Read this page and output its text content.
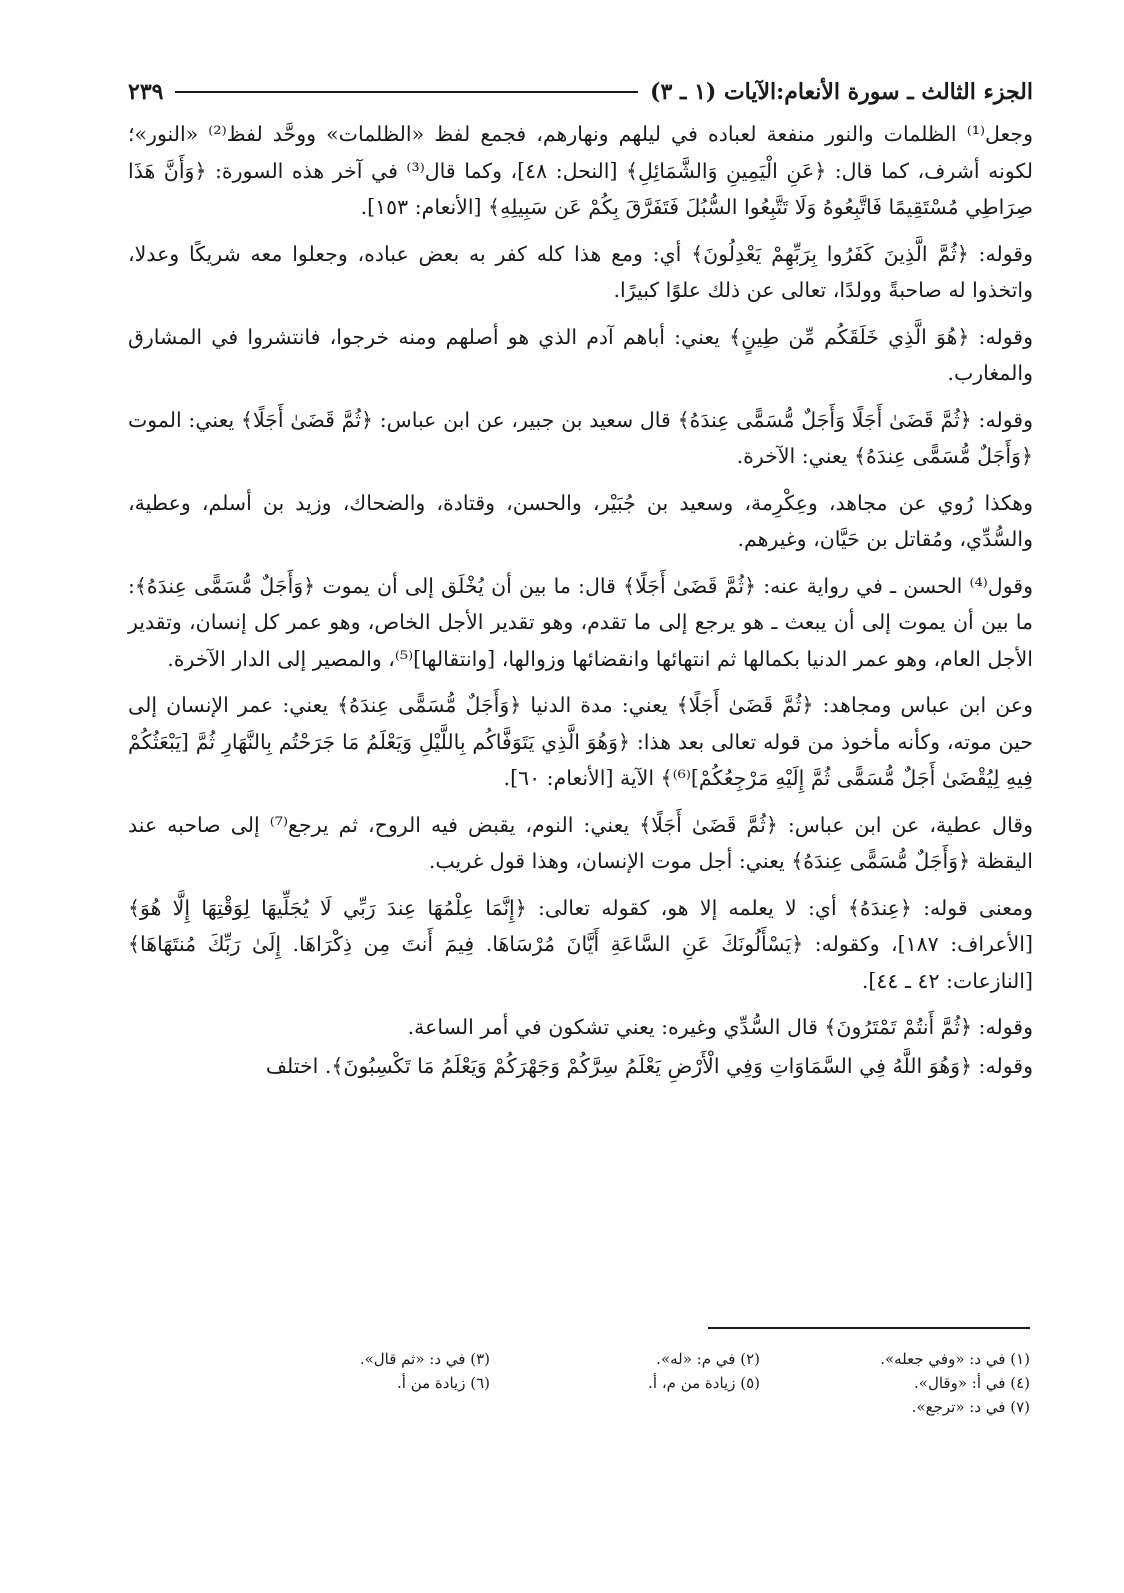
الجزء الثالث ـ سورة الأنعام:الآيات (١ ـ ٣)
٢٣٩

وجعل⁽¹⁾ الظلمات والنور منفعة لعباده في ليلهم ونهارهم، فجمع لفظ «الظلمات» ووحَّد لفظ⁽²⁾ «النور»؛ لكونه أشرف، كما قال: ﴿عَنِ الْيَمِينِ وَالشَّمَائِلِ﴾ [النحل: ٤٨]، وكما قال⁽³⁾ في آخر هذه السورة: ﴿وَأَنَّ هَذَا صِرَاطِي مُسْتَقِيمًا فَاتَّبِعُوهُ وَلَا تَتَّبِعُوا السُّبُلَ فَتَفَرَّقَ بِكُمْ عَن سَبِيلِهِ﴾ [الأنعام: ١٥٣].

وقوله: ﴿ثُمَّ الَّذِينَ كَفَرُوا بِرَبِّهِمْ يَعْدِلُونَ﴾ أي: ومع هذا كله كفر به بعض عباده، وجعلوا معه شريكًا وعدلا، واتخذوا له صاحبةً وولدًا، تعالى عن ذلك علوًا كبيرًا.

وقوله: ﴿هُوَ الَّذِي خَلَقَكُم مِّن طِينٍ﴾ يعني: أباهم آدم الذي هو أصلهم ومنه خرجوا، فانتشروا في المشارق والمغارب.

وقوله: ﴿ثُمَّ قَضَىٰ أَجَلًا وَأَجَلٌ مُّسَمًّى عِندَهُ﴾ قال سعيد بن جبير، عن ابن عباس: ﴿ثُمَّ قَضَىٰ أَجَلًا﴾ يعني: الموت ﴿وَأَجَلٌ مُّسَمًّى عِندَهُ﴾ يعني: الآخرة.

وهكذا رُوي عن مجاهد، وعِكْرِمة، وسعيد بن جُبَيْر، والحسن، وقتادة، والضحاك، وزيد بن أسلم، وعطية، والسُّدِّي، ومُقاتل بن حَيَّان، وغيرهم.

وقول⁽⁴⁾ الحسن ـ في رواية عنه: ﴿ثُمَّ قَضَىٰ أَجَلًا﴾ قال: ما بين أن يُخْلَق إلى أن يموت ﴿وَأَجَلٌ مُّسَمًّى عِندَهُ﴾: ما بين أن يموت إلى أن يبعث ـ هو يرجع إلى ما تقدم، وهو تقدير الأجل الخاص، وهو عمر كل إنسان، وتقدير الأجل العام، وهو عمر الدنيا بكمالها ثم انتهائها وانقضائها وزوالها، [وانتقالها]⁽⁵⁾، والمصير إلى الدار الآخرة.

وعن ابن عباس ومجاهد: ﴿ثُمَّ قَضَىٰ أَجَلًا﴾ يعني: مدة الدنيا ﴿وَأَجَلٌ مُّسَمًّى عِندَهُ﴾ يعني: عمر الإنسان إلى حين موته، وكأنه مأخوذ من قوله تعالى بعد هذا: ﴿وَهُوَ الَّذِي يَتَوَفَّاكُم بِاللَّيْلِ وَيَعْلَمُ مَا جَرَحْتُم بِالنَّهَارِ ثُمَّ [يَبْعَثُكُمْ فِيهِ لِيُقْضَىٰ أَجَلٌ مُّسَمًّى ثُمَّ إِلَيْهِ مَرْجِعُكُمْ]⁽⁶⁾﴾ الآية [الأنعام: ٦٠].

وقال عطية، عن ابن عباس: ﴿ثُمَّ قَضَىٰ أَجَلًا﴾ يعني: النوم، يقبض فيه الروح، ثم يرجع⁽⁷⁾ إلى صاحبه عند اليقظة ﴿وَأَجَلٌ مُّسَمًّى عِندَهُ﴾ يعني: أجل موت الإنسان، وهذا قول غريب.

ومعنى قوله: ﴿عِندَهُ﴾ أي: لا يعلمه إلا هو، كقوله تعالى: ﴿إِنَّمَا عِلْمُهَا عِندَ رَبِّي لَا يُجَلِّيهَا لِوَقْتِهَا إِلَّا هُوَ﴾ [الأعراف: ١٨٧]، وكقوله: ﴿يَسْأَلُونَكَ عَنِ السَّاعَةِ أَيَّانَ مُرْسَاهَا. فِيمَ أَنتَ مِن ذِكْرَاهَا. إِلَىٰ رَبِّكَ مُنتَهَاهَا﴾ [النازعات: ٤٢ ـ ٤٤].

وقوله: ﴿ثُمَّ أَنتُمْ تَمْتَرُونَ﴾ قال السُّدِّي وغيره: يعني تشكون في أمر الساعة.

وقوله: ﴿وَهُوَ اللَّهُ فِي السَّمَاوَاتِ وَفِي الْأَرْضِ يَعْلَمُ سِرَّكُمْ وَجَهْرَكُمْ وَيَعْلَمُ مَا تَكْسِبُونَ﴾. اختلف

(١) في د: «وفي جعله».
(٢) في م: «له».
(٣) في د: «ثم قال».
(٤) في أ: «وقال».
(٥) زيادة من م، أ.
(٦) زيادة من أ.
(٧) في د: «ترجع».
